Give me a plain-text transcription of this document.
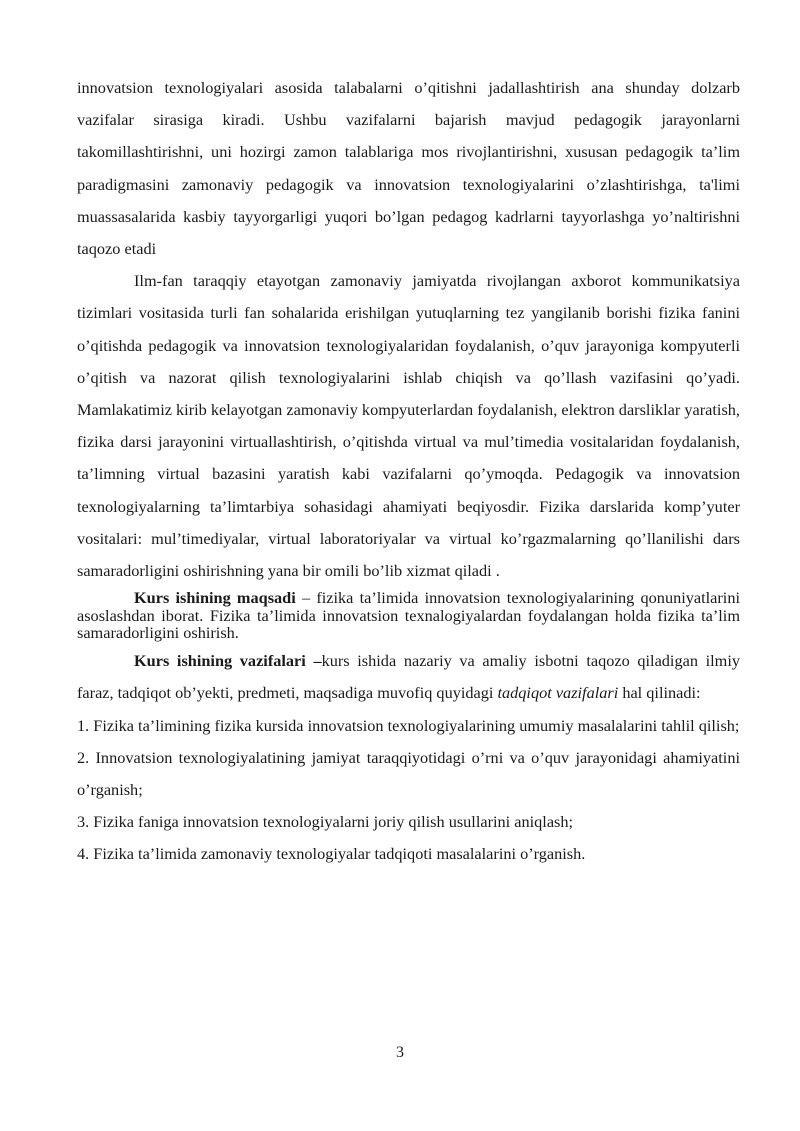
innovatsion texnologiyalari asosida talabalarni o’qitishni jadallashtirish ana shunday dolzarb vazifalar sirasiga kiradi. Ushbu vazifalarni bajarish mavjud pedagogik jarayonlarni takomillashtirishni, uni hozirgi zamon talablariga mos rivojlantirishni, xususan pedagogik ta’lim paradigmasini zamonaviy pedagogik va innovatsion texnologiyalarini o’zlashtirishga, ta'limi muassasalarida kasbiy tayyorgarligi yuqori bo’lgan pedagog kadrlarni tayyorlashga yo’naltirishni taqozo etadi

Ilm-fan taraqqiy etayotgan zamonaviy jamiyatda rivojlangan axborot kommunikatsiya tizimlari vositasida turli fan sohalarida erishilgan yutuqlarning tez yangilanib borishi fizika fanini o’qitishda pedagogik va innovatsion texnologiyalaridan foydalanish, o’quv jarayoniga kompyuterli o’qitish va nazorat qilish texnologiyalarini ishlab chiqish va qo’llash vazifasini qo’yadi. Mamlakatimiz kirib kelayotgan zamonaviy kompyuterlardan foydalanish, elektron darsliklar yaratish, fizika darsi jarayonini virtuallashtirish, o’qitishda virtual va mul’timedia vositalaridan foydalanish, ta’limning virtual bazasini yaratish kabi vazifalarni qo’ymoqda. Pedagogik va innovatsion texnologiyalarning ta’limtarbiya sohasidagi ahamiyati beqiyosdir. Fizika darslarida komp’yuter vositalari: mul’timediyalar, virtual laboratoriyalar va virtual ko’rgazmalarning qo’llanilishi dars samaradorligini oshirishning yana bir omili bo’lib xizmat qiladi .

Kurs ishining maqsadi – fizika ta’limida innovatsion texnologiyalarining qonuniyatlarini asoslashdan iborat. Fizika ta’limida innovatsion texnalogiyalardan foydalangan holda fizika ta’lim samaradorligini oshirish.

Kurs ishining vazifalari –kurs ishida nazariy va amaliy isbotni taqozo qiladigan ilmiy faraz, tadqiqot ob’yekti, predmeti, maqsadiga muvofiq quyidagi tadqiqot vazifalari hal qilinadi:

1. Fizika ta’limining fizika kursida innovatsion texnologiyalarining umumiy masalalarini tahlil qilish;

2. Innovatsion texnologiyalatining jamiyat taraqqiyotidagi o’rni va o’quv jarayonidagi ahamiyatini o’rganish;

3. Fizika faniga innovatsion texnologiyalarni joriy qilish usullarini aniqlash;

4. Fizika ta’limida zamonaviy texnologiyalar tadqiqoti masalalarini o’rganish.

3
